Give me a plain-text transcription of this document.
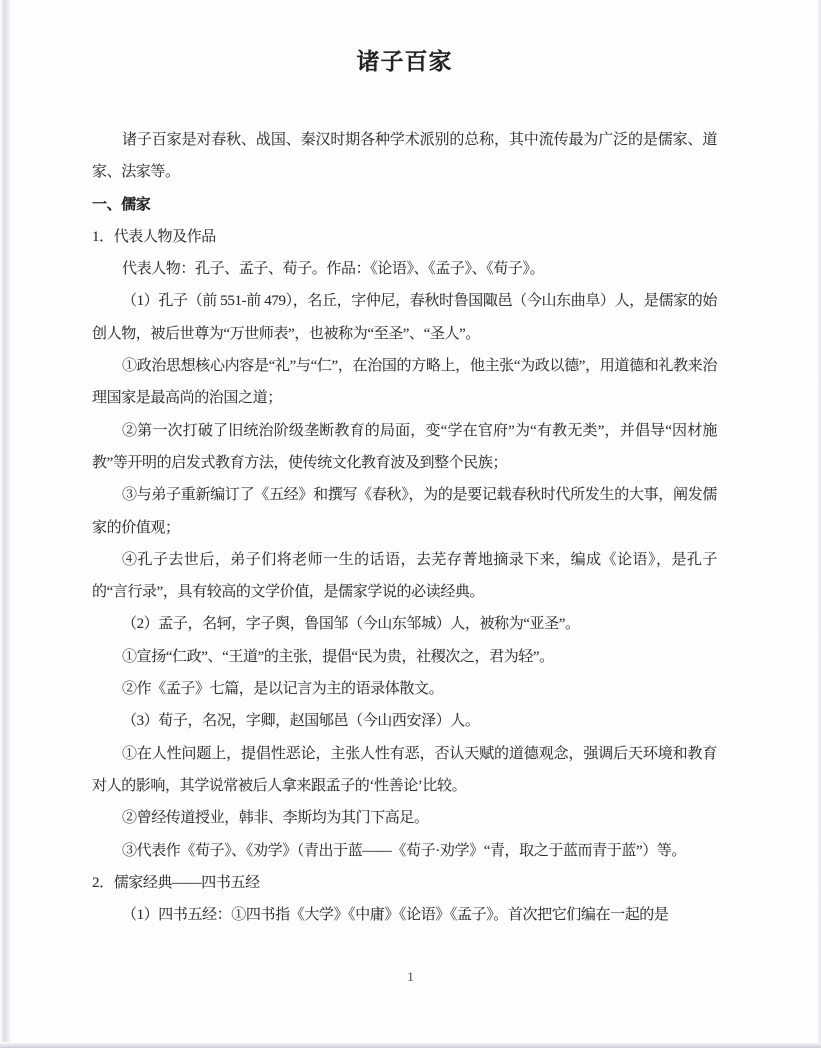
诸子百家

诸子百家是对春秋、战国、秦汉时期各种学术派别的总称，其中流传最为广泛的是儒家、道家、法家等。

一、儒家

1．代表人物及作品

代表人物：孔子、孟子、荀子。作品：《论语》、《孟子》、《荀子》。

（1）孔子（前 551-前 479），名丘，字仲尼，春秋时鲁国陬邑（今山东曲阜）人，是儒家的始创人物，被后世尊为“万世师表”，也被称为“至圣”、“圣人”。

①政治思想核心内容是“礼”与“仁”，在治国的方略上，他主张“为政以德”，用道德和礼教来治理国家是最高尚的治国之道；

②第一次打破了旧统治阶级垄断教育的局面，变“学在官府”为“有教无类”，并倡导“因材施教”等开明的启发式教育方法，使传统文化教育波及到整个民族；

③与弟子重新编订了《五经》和撰写《春秋》，为的是要记载春秋时代所发生的大事，阐发儒家的价值观；

④孔子去世后，弟子们将老师一生的话语，去芜存菁地摘录下来，编成《论语》，是孔子的“言行录”，具有较高的文学价值，是儒家学说的必读经典。

（2）孟子，名轲，字子舆，鲁国邹（今山东邹城）人，被称为“亚圣”。

①宣扬“仁政”、“王道”的主张，提倡“民为贵，社稷次之，君为轻”。

②作《孟子》七篇，是以记言为主的语录体散文。

（3）荀子，名况，字卿，赵国郇邑（今山西安泽）人。

①在人性问题上，提倡性恶论，主张人性有恶，否认天赋的道德观念，强调后天环境和教育对人的影响，其学说常被后人拿来跟孟子的‘性善论’比较。

②曾经传道授业，韩非、李斯均为其门下高足。

③代表作《荀子》、《劝学》（青出于蓝——《荀子·劝学》“青，取之于蓝而青于蓝”）等。

2．儒家经典——四书五经

（1）四书五经：①四书指《大学》《中庸》《论语》《孟子》。首次把它们编在一起的是

1
